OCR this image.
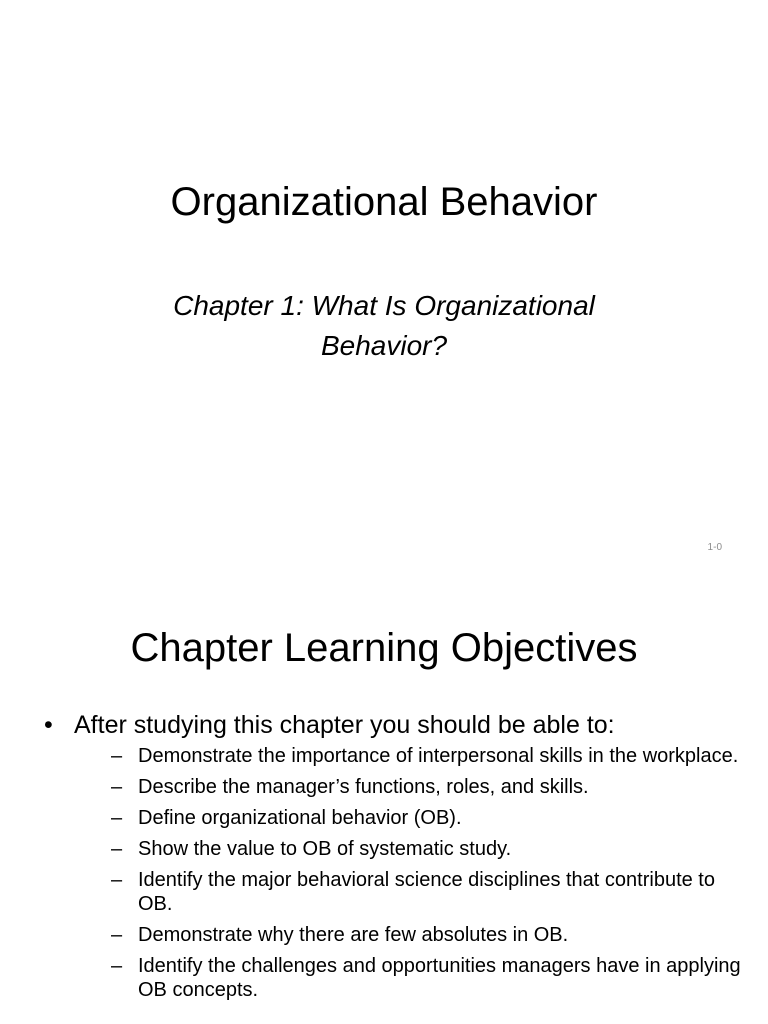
Organizational Behavior
Chapter 1: What Is Organizational Behavior?
1-0
Chapter Learning Objectives
• After studying this chapter you should be able to:
– Demonstrate the importance of interpersonal skills in the workplace.
– Describe the manager’s functions, roles, and skills.
– Define organizational behavior (OB).
– Show the value to OB of systematic study.
– Identify the major behavioral science disciplines that contribute to OB.
– Demonstrate why there are few absolutes in OB.
– Identify the challenges and opportunities managers have in applying OB concepts.
